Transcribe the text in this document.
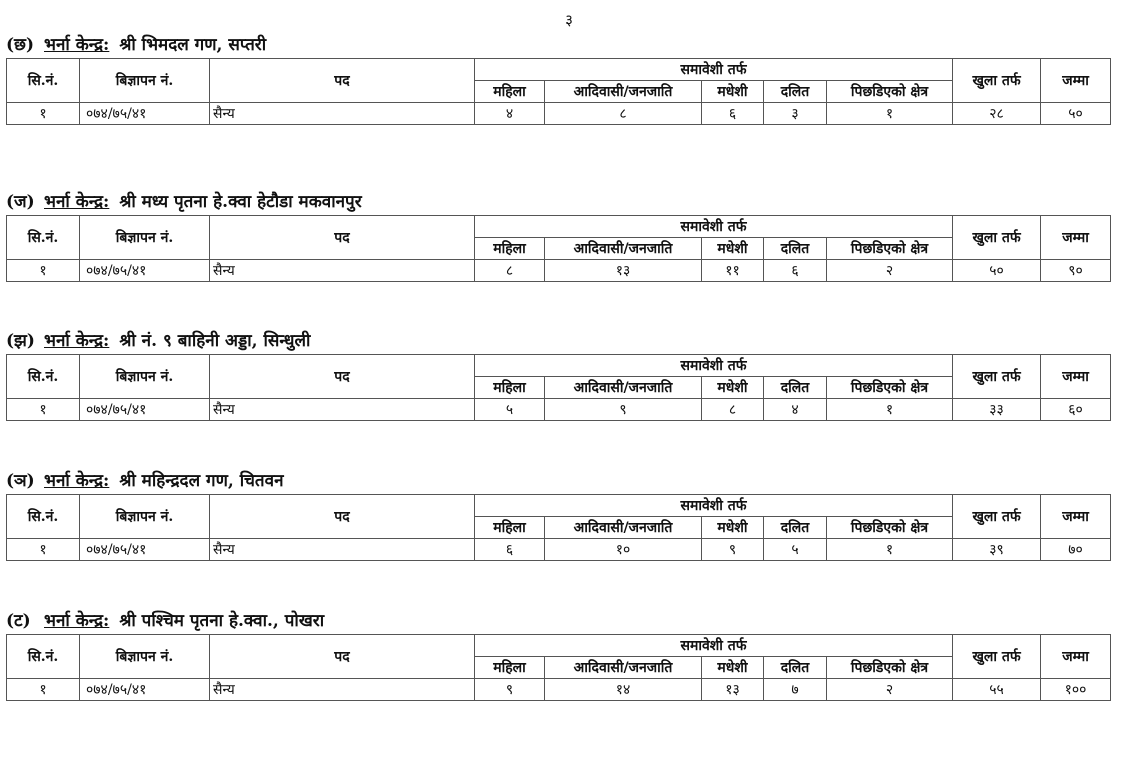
३
(छ) भर्ना केन्द्र: श्री भिमदल गण, सप्तरी
सि.नं.	बिज्ञापन नं.	पद	समावेशी तर्फ					खुला तर्फ	जम्मा
			महिला	आदिवासी/जनजाति	मधेशी	दलित	पिछडिएको क्षेत्र		
१	०७४/७५/४१	सैन्य	४	८	६	३	१	२८	५०
(ज) भर्ना केन्द्र: श्री मध्य पृतना हे.क्वा हेटौडा मकवानपुर
सि.नं.	बिज्ञापन नं.	पद	समावेशी तर्फ					खुला तर्फ	जम्मा
			महिला	आदिवासी/जनजाति	मधेशी	दलित	पिछडिएको क्षेत्र		
१	०७४/७५/४१	सैन्य	८	१३	११	६	२	५०	९०
(झ) भर्ना केन्द्र: श्री नं. ९ बाहिनी अड्डा, सिन्धुली
सि.नं.	बिज्ञापन नं.	पद	समावेशी तर्फ					खुला तर्फ	जम्मा
			महिला	आदिवासी/जनजाति	मधेशी	दलित	पिछडिएको क्षेत्र		
१	०७४/७५/४१	सैन्य	५	९	८	४	१	३३	६०
(ञ) भर्ना केन्द्र: श्री महिन्द्रदल गण, चितवन
सि.नं.	बिज्ञापन नं.	पद	समावेशी तर्फ					खुला तर्फ	जम्मा
			महिला	आदिवासी/जनजाति	मधेशी	दलित	पिछडिएको क्षेत्र		
१	०७४/७५/४१	सैन्य	६	१०	९	५	१	३९	७०
(ट) भर्ना केन्द्र: श्री पश्चिम पृतना हे.क्वा., पोखरा
सि.नं.	बिज्ञापन नं.	पद	समावेशी तर्फ					खुला तर्फ	जम्मा
			महिला	आदिवासी/जनजाति	मधेशी	दलित	पिछडिएको क्षेत्र		
१	०७४/७५/४१	सैन्य	९	१४	१३	७	२	५५	१००
